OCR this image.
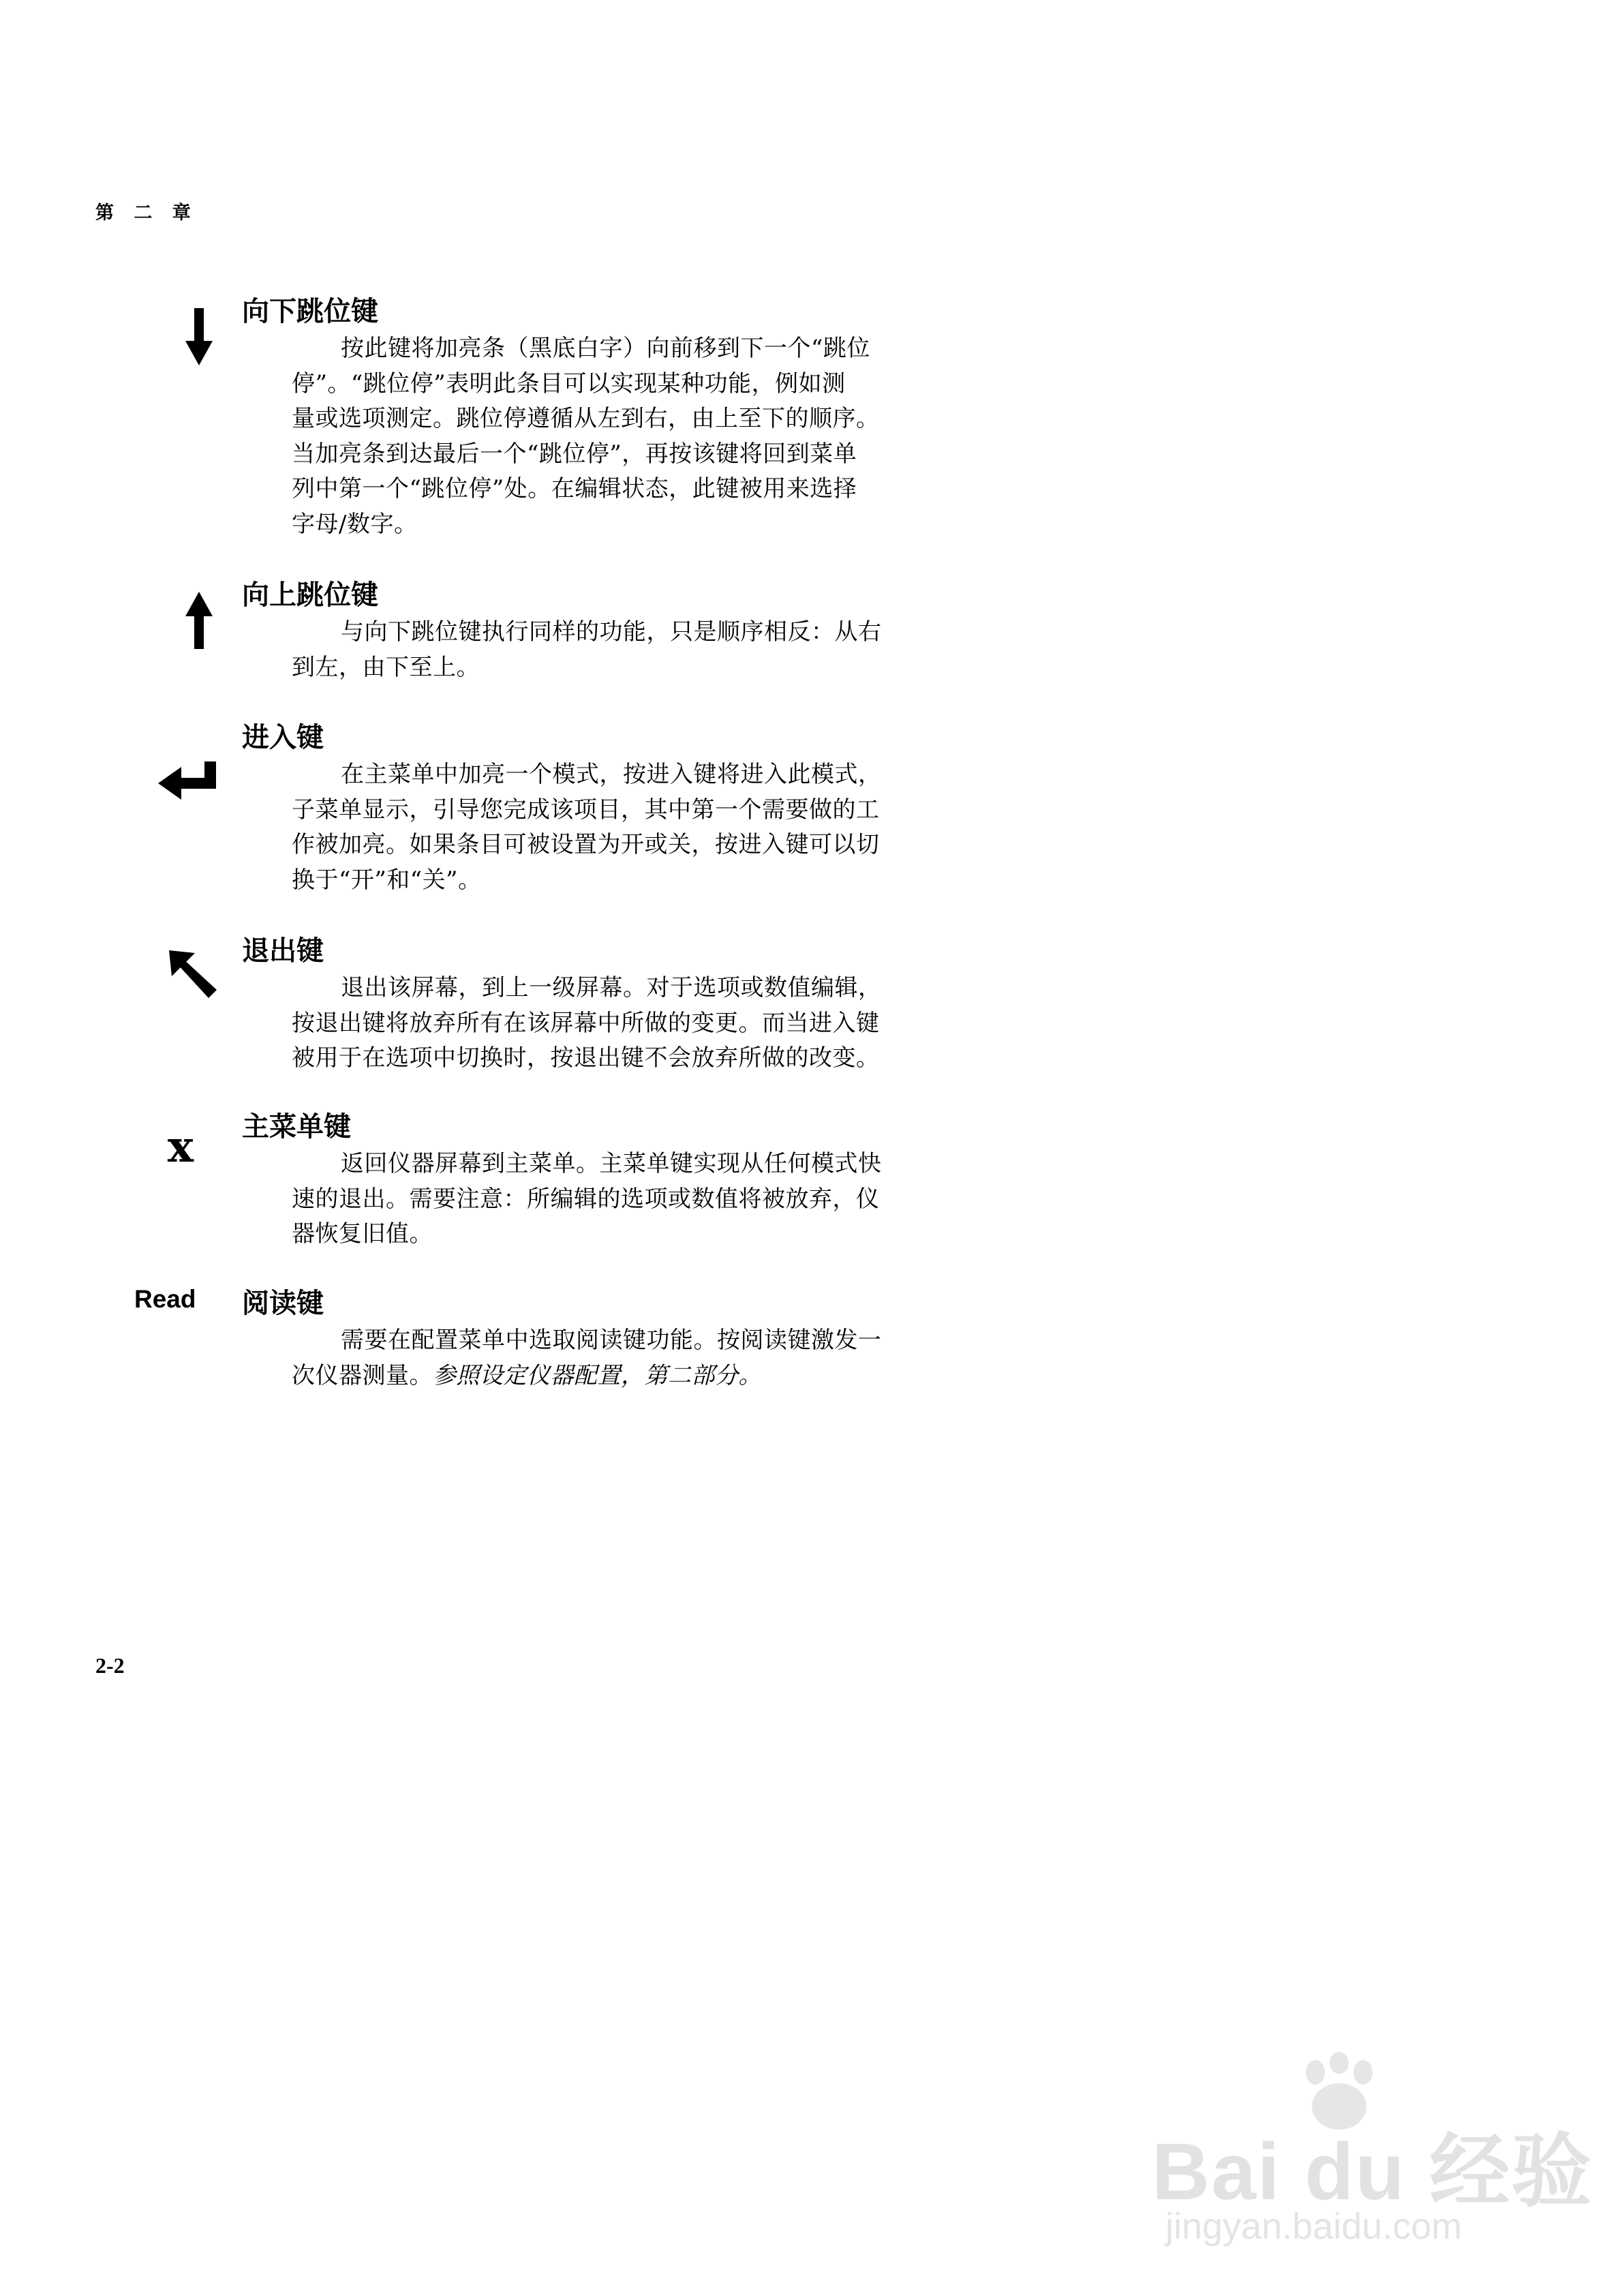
第 二 章
向下跳位键
按此键将加亮条（黑底白字）向前移到下一个“跳位
停”。“跳位停”表明此条目可以实现某种功能，例如测
量或选项测定。跳位停遵循从左到右，由上至下的顺序。
当加亮条到达最后一个“跳位停”，再按该键将回到菜单
列中第一个“跳位停”处。在编辑状态，此键被用来选择
字母/数字。
向上跳位键
与向下跳位键执行同样的功能，只是顺序相反：从右
到左，由下至上。
进入键
在主菜单中加亮一个模式，按进入键将进入此模式，
子菜单显示，引导您完成该项目，其中第一个需要做的工
作被加亮。如果条目可被设置为开或关，按进入键可以切
换于“开”和“关”。
退出键
退出该屏幕，到上一级屏幕。对于选项或数值编辑，
按退出键将放弃所有在该屏幕中所做的变更。而当进入键
被用于在选项中切换时，按退出键不会放弃所做的改变。
x 主菜单键
返回仪器屏幕到主菜单。主菜单键实现从任何模式快
速的退出。需要注意：所编辑的选项或数值将被放弃，仪
器恢复旧值。
Read 阅读键
需要在配置菜单中选取阅读键功能。按阅读键激发一
次仪器测量。参照设定仪器配置，第二部分。
2-2
Bai du 经验
jingyan.baidu.com
